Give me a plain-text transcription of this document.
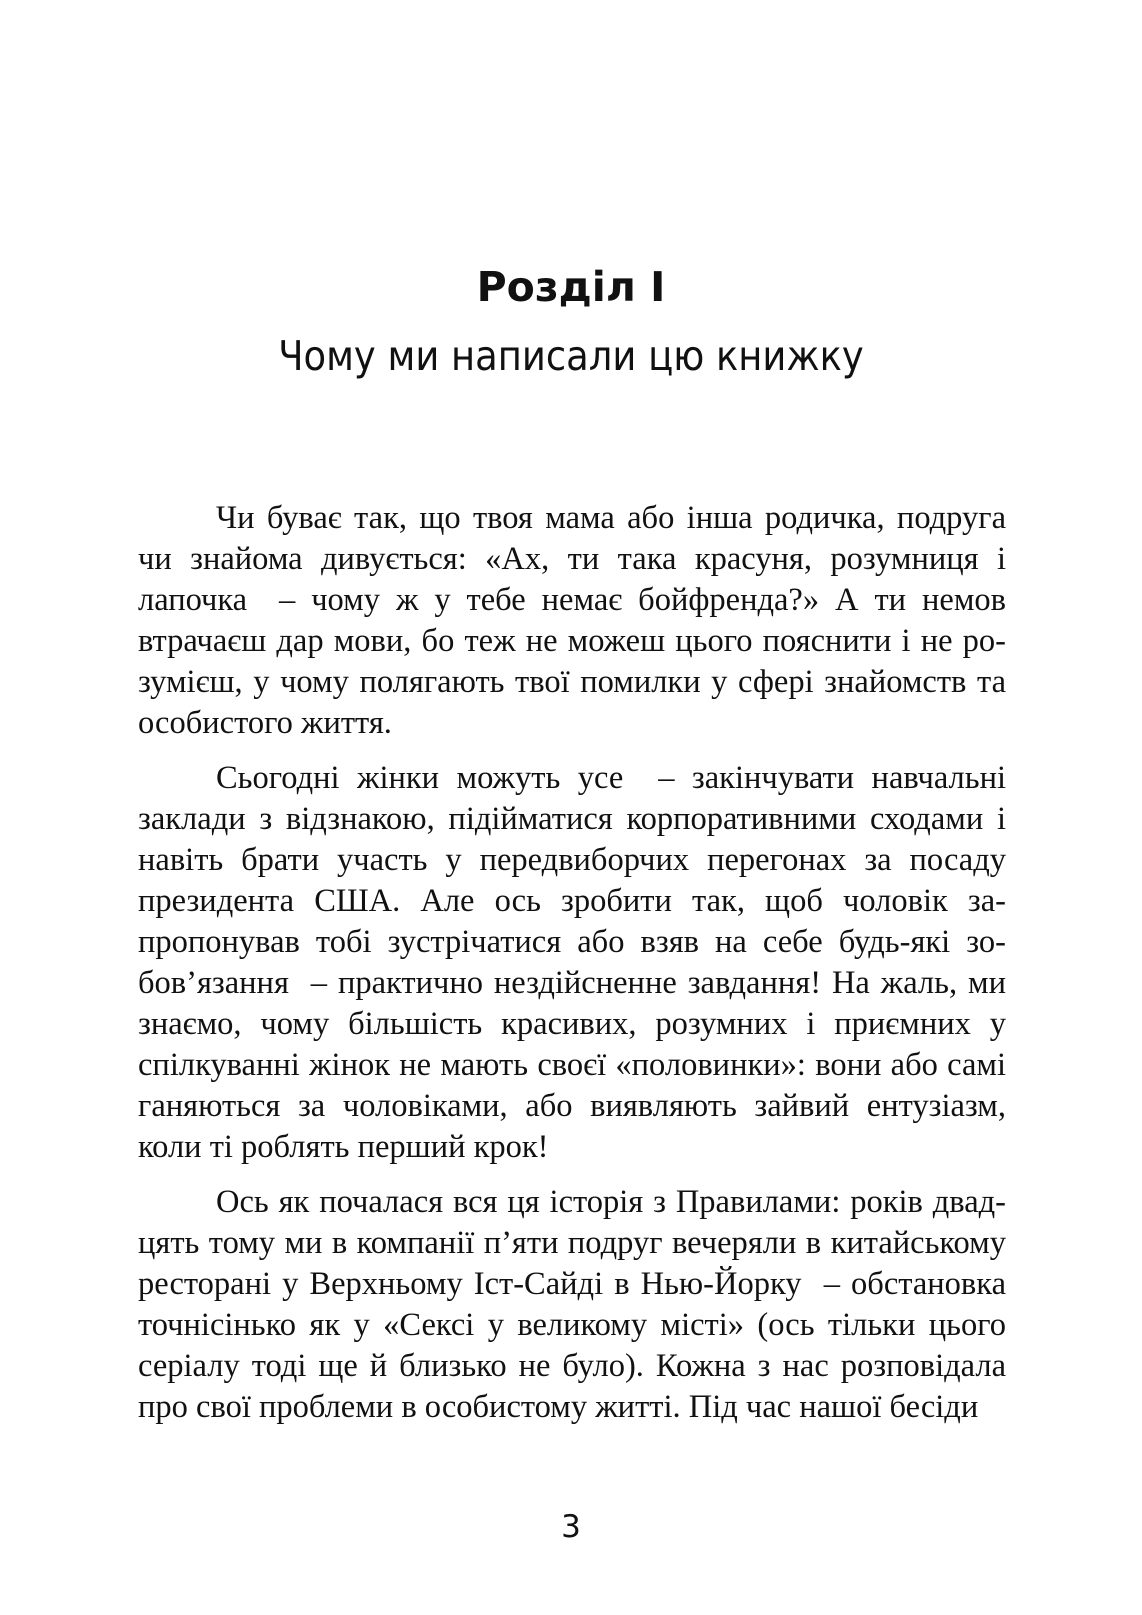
Розділ I
Чому ми написали цю книжку

Чи буває так, що твоя мама або інша родичка, подруга чи знайома дивується: «Ах, ти така красуня, розумниця і лапочка  – чому ж у тебе немає бойфренда?» А ти немов втрачаєш дар мови, бо теж не можеш цього пояснити і не розумієш, у чому полягають твої помилки у сфері знайомств та особистого життя.

Сьогодні жінки можуть усе  – закінчувати навчальні заклади з відзнакою, підійматися корпоративними сходами і навіть брати участь у передвиборчих перегонах за посаду президента США. Але ось зробити так, щоб чоловік запропонував тобі зустрічатися або взяв на себе будь-які зобов’язання  – практично нездійсненне завдання! На жаль, ми знаємо, чому більшість красивих, розумних і приємних у спілкуванні жінок не мають своєї «половинки»: вони або самі ганяються за чоловіками, або виявляють зайвий ентузіазм, коли ті роблять перший крок!

Ось як почалася вся ця історія з Правилами: років двадцять тому ми в компанії п’яти подруг вечеряли в китайському ресторані у Верхньому Іст-Сайді в Нью-Йорку  – обстановка точнісінько як у «Сексі у великому місті» (ось тільки цього серіалу тоді ще й близько не було). Кожна з нас розповідала про свої проблеми в особистому житті. Під час нашої бесіди

3
